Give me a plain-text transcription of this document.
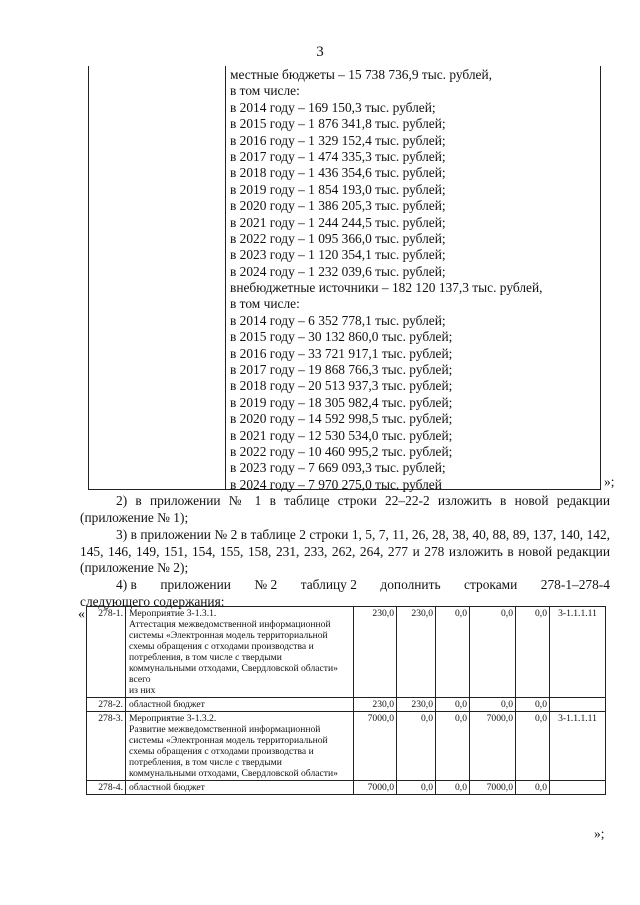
3
местные бюджеты – 15 738 736,9 тыс. рублей,
в том числе:
в 2014 году – 169 150,3 тыс. рублей;
в 2015 году – 1 876 341,8 тыс. рублей;
в 2016 году – 1 329 152,4 тыс. рублей;
в 2017 году – 1 474 335,3 тыс. рублей;
в 2018 году – 1 436 354,6 тыс. рублей;
в 2019 году – 1 854 193,0 тыс. рублей;
в 2020 году – 1 386 205,3 тыс. рублей;
в 2021 году – 1 244 244,5 тыс. рублей;
в 2022 году – 1 095 366,0 тыс. рублей;
в 2023 году – 1 120 354,1 тыс. рублей;
в 2024 году – 1 232 039,6 тыс. рублей;
внебюджетные источники – 182 120 137,3 тыс. рублей,
в том числе:
в 2014 году – 6 352 778,1 тыс. рублей;
в 2015 году – 30 132 860,0 тыс. рублей;
в 2016 году – 33 721 917,1 тыс. рублей;
в 2017 году – 19 868 766,3 тыс. рублей;
в 2018 году – 20 513 937,3 тыс. рублей;
в 2019 году – 18 305 982,4 тыс. рублей;
в 2020 году – 14 592 998,5 тыс. рублей;
в 2021 году – 12 530 534,0 тыс. рублей;
в 2022 году – 10 460 995,2 тыс. рублей;
в 2023 году – 7 669 093,3 тыс. рублей;
в 2024 году – 7 970 275,0 тыс. рублей	»;
2) в приложении № 1 в таблице строки 22–22-2 изложить в новой редакции (приложение № 1);
3) в приложении № 2 в таблице 2 строки 1, 5, 7, 11, 26, 28, 38, 40, 88, 89, 137, 140, 142, 145, 146, 149, 151, 154, 155, 158, 231, 233, 262, 264, 277 и 278 изложить в новой редакции (приложение № 2);
4) в приложении № 2 таблицу 2 дополнить строками 278-1–278-4
следующего содержания:
« 278-1.	Мероприятие 3-1.3.1.
Аттестация межведомственной информационной системы «Электронная модель территориальной схемы обращения с отходами производства и потребления, в том числе с твердыми коммунальными отходами, Свердловской области» всего
из них	230,0	230,0	0,0	0,0	0,0	3-1.1.1.11
278-2.	областной бюджет	230,0	230,0	0,0	0,0	0,0	
278-3.	Мероприятие 3-1.3.2.
Развитие межведомственной информационной системы «Электронная модель территориальной схемы обращения с отходами производства и потребления, в том числе с твердыми коммунальными отходами, Свердловской области»	7000,0	0,0	0,0	7000,0	0,0	3-1.1.1.11
278-4.	областной бюджет	7000,0	0,0	0,0	7000,0	0,0	
»;
